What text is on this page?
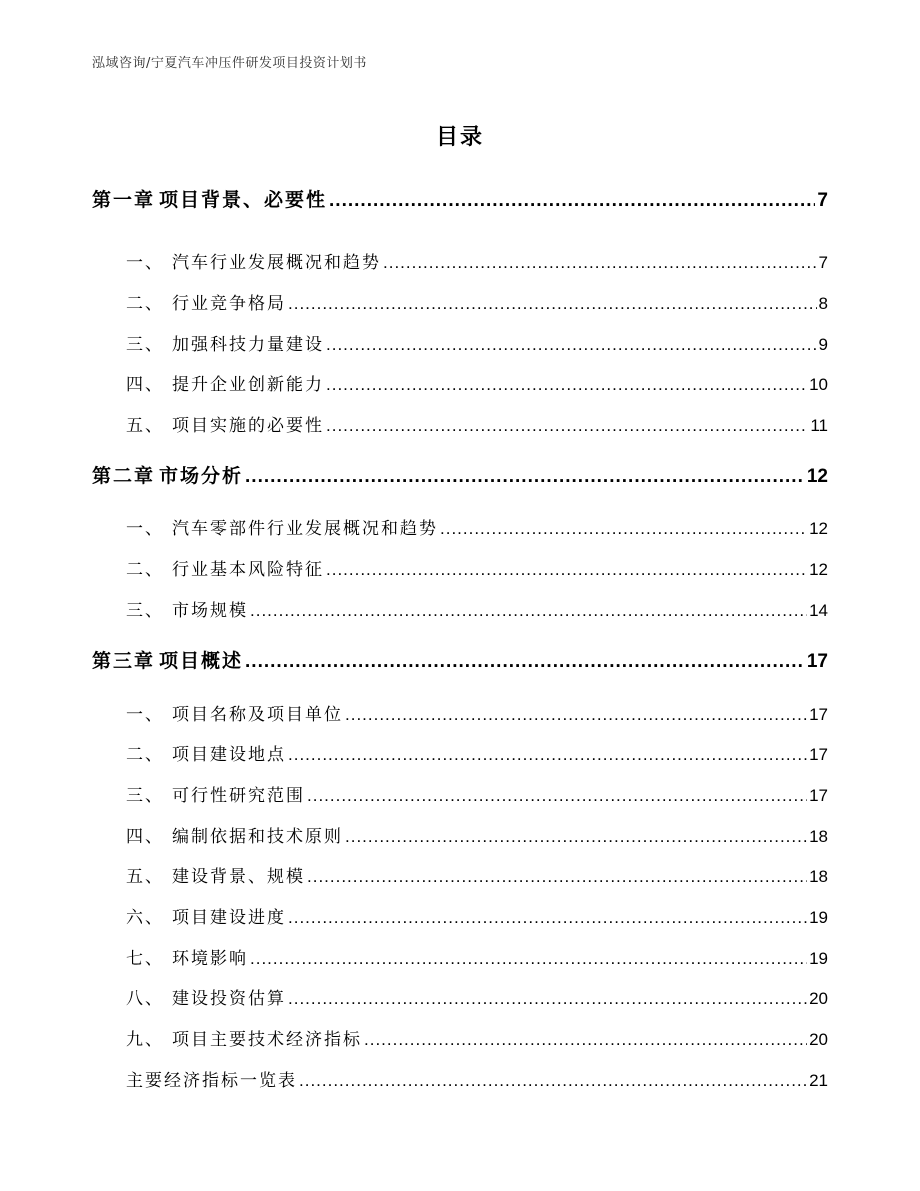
泓域咨询/宁夏汽车冲压件研发项目投资计划书
目录
第一章 项目背景、必要性 .....	7
一、 汽车行业发展概况和趋势 .....	7
二、 行业竞争格局 .....	8
三、 加强科技力量建设 .....	9
四、 提升企业创新能力 .....	10
五、 项目实施的必要性 .....	11
第二章 市场分析 .....	12
一、 汽车零部件行业发展概况和趋势 .....	12
二、 行业基本风险特征 .....	12
三、 市场规模 .....	14
第三章 项目概述 .....	17
一、 项目名称及项目单位 .....	17
二、 项目建设地点 .....	17
三、 可行性研究范围 .....	17
四、 编制依据和技术原则 .....	18
五、 建设背景、规模 .....	18
六、 项目建设进度 .....	19
七、 环境影响 .....	19
八、 建设投资估算 .....	20
九、 项目主要技术经济指标 .....	20
主要经济指标一览表 .....	21
